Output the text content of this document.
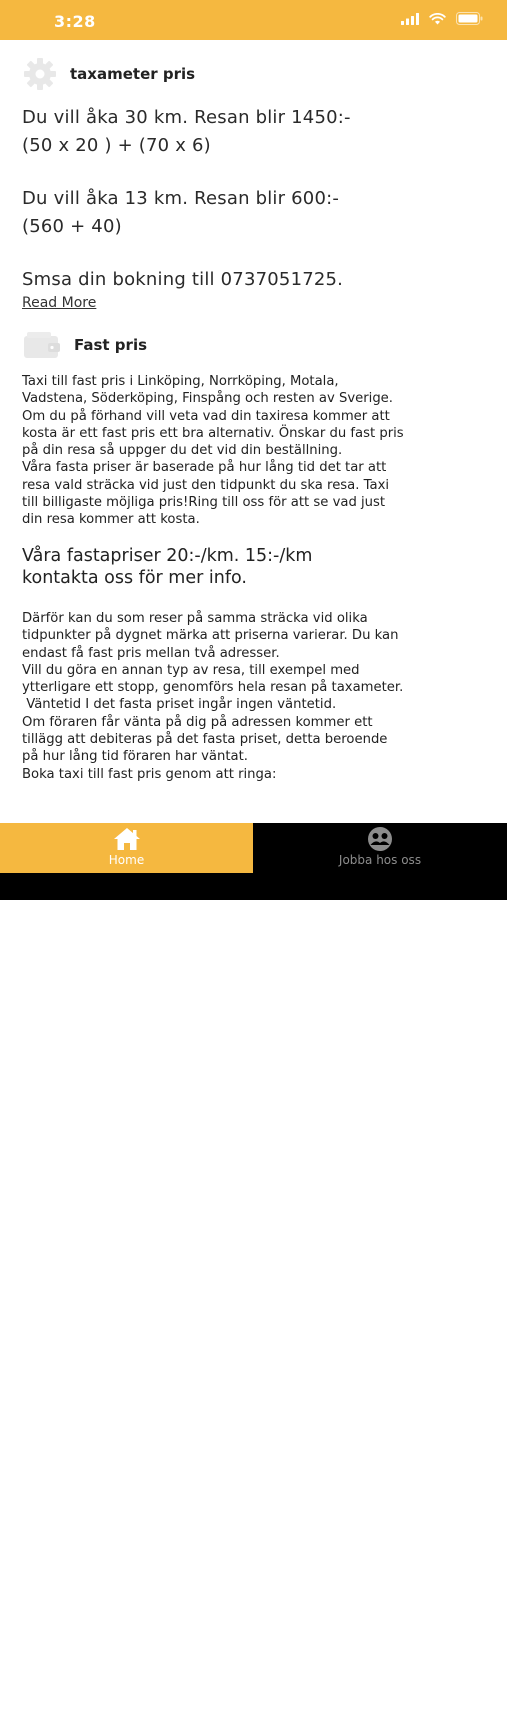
3:28
taxameter pris
Du vill åka 30 km. Resan blir 1450:-
(50 x 20 ) + (70 x 6)
Du vill åka 13 km. Resan blir 600:-
(560 + 40)
Smsa din bokning till 0737051725.
Read More
Fast pris

Taxi till fast pris i Linköping, Norrköping, Motala,

Vadstena, Söderköping, Finspång och resten av Sverige.

Om du på förhand vill veta vad din taxiresa kommer att

kosta är ett fast pris ett bra alternativ. Önskar du fast pris

på din resa så uppger du det vid din beställning.

Våra fasta priser är baserade på hur lång tid det tar att

resa vald sträcka vid just den tidpunkt du ska resa. Taxi

till billigaste möjliga pris!Ring till oss för att se vad just

din resa kommer att kosta.

Våra fastapriser 20:-/km. 15:-/km
kontakta oss för mer info.

Därför kan du som reser på samma sträcka vid olika

tidpunkter på dygnet märka att priserna varierar. Du kan

endast få fast pris mellan två adresser.

Vill du göra en annan typ av resa, till exempel med

ytterligare ett stopp, genomförs hela resan på taxameter.

Väntetid I det fasta priset ingår ingen väntetid.

Om föraren får vänta på dig på adressen kommer ett

tillägg att debiteras på det fasta priset, detta beroende

på hur lång tid föraren har väntat.

Boka taxi till fast pris genom att ringa:

Home	Jobba hos oss
